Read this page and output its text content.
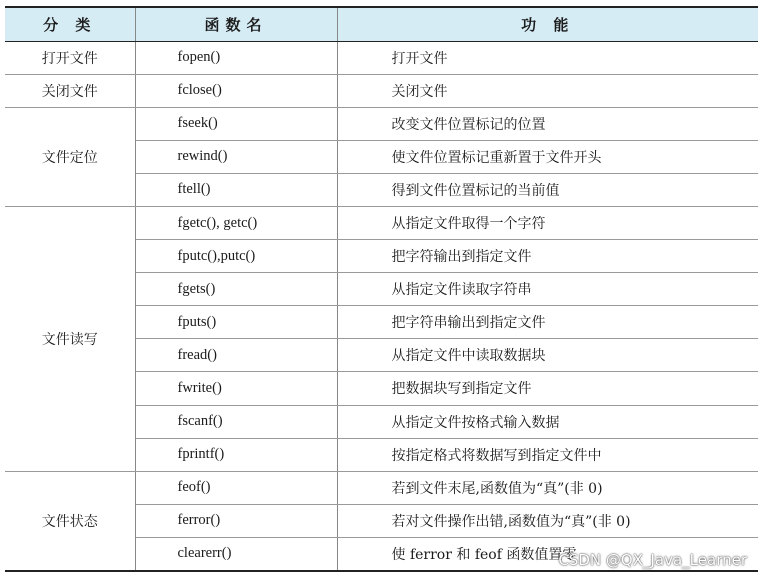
分 类	函数名	功 能
打开文件	fopen()	打开文件
关闭文件	fclose()	关闭文件
文件定位	fseek()	改变文件位置标记的位置
	rewind()	使文件位置标记重新置于文件开头
	ftell()	得到文件位置标记的当前值
文件读写	fgetc(), getc()	从指定文件取得一个字符
	fputc(),putc()	把字符输出到指定文件
	fgets()	从指定文件读取字符串
	fputs()	把字符串输出到指定文件
	fread()	从指定文件中读取数据块
	fwrite()	把数据块写到指定文件
	fscanf()	从指定文件按格式输入数据
	fprintf()	按指定格式将数据写到指定文件中
文件状态	feof()	若到文件末尾,函数值为“真”(非 0)
	ferror()	若对文件操作出错,函数值为“真”(非 0)
	clearerr()	使 ferror 和 feof 函数值置零
CSDN @QX_Java_Learner
